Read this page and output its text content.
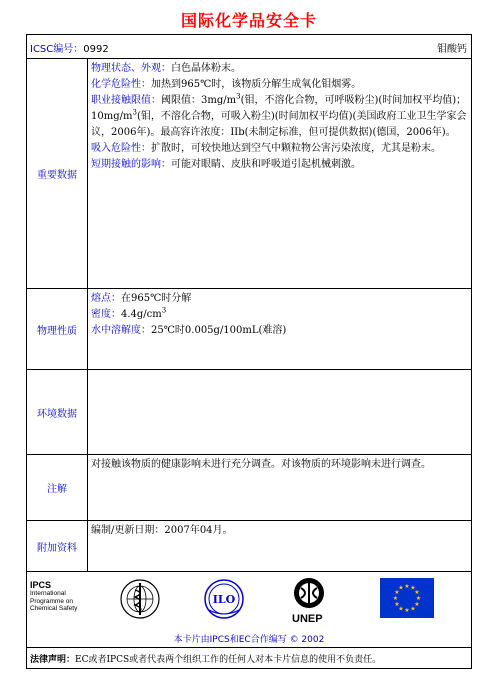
国际化学品安全卡
ICSC编号：0992	钼酸钙
重要数据
物理状态、外观：白色晶体粉末。
化学危险性：加热到965℃时，该物质分解生成氧化钼烟雾。
职业接触限值：阈限值：$3mg/m^3$(钼，不溶化合物，可呼吸粉尘)(时间加权平均值)；$10mg/m^3$(钼，不溶化合物，可吸入粉尘)(时间加权平均值)(美国政府工业卫生学家会议，2006年)。最高容许浓度：IIb(未制定标准，但可提供数据)(德国，2006年)。
吸入危险性：扩散时，可较快地达到空气中颗粒物公害污染浓度，尤其是粉末。
短期接触的影响：可能对眼睛、皮肤和呼吸道引起机械刺激。
物理性质
熔点：在965℃时分解
密度：$4.4g/cm^3$
水中溶解度：25℃时0.005g/100mL(难溶)
环境数据
注解
对接触该物质的健康影响未进行充分调查。对该物质的环境影响未进行调查。
附加资料
编制/更新日期：2007年04月。
IPCS
International
Programme on
Chemical Safety
ILO
UNEP
★ ★
★
★
★
★
★
★
★
★
★
★
本卡片由IPCS和EC合作编写 © 2002
法律声明：EC或者IPCS或者代表两个组织工作的任何人对本卡片信息的使用不负责任。
